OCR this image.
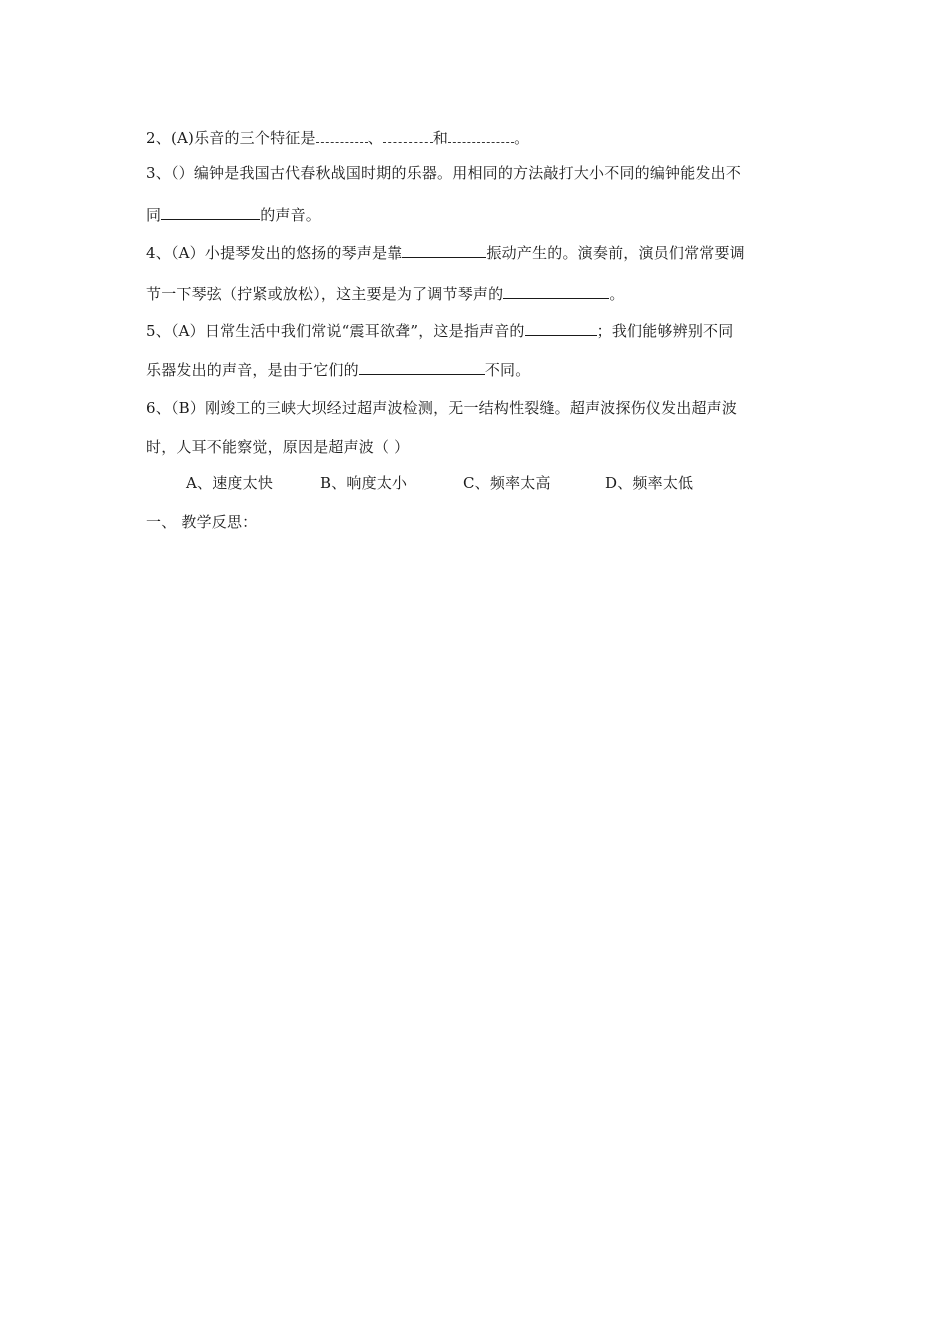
2、(A)乐音的三个特征是	、	和	。
3、（）编钟是我国古代春秋战国时期的乐器。用相同的方法敲打大小不同的编钟能发出不
同	的声音。
4、（A）小提琴发出的悠扬的琴声是靠	振动产生的。演奏前，演员们常常要调
节一下琴弦（拧紧或放松），这主要是为了调节琴声的	。
5、（A）日常生活中我们常说“震耳欲聋”，这是指声音的	；我们能够辨别不同
乐器发出的声音，是由于它们的	不同。
6、（B）刚竣工的三峡大坝经过超声波检测，无一结构性裂缝。超声波探伤仪发出超声波
时，人耳不能察觉，原因是超声波（ ）
A、速度太快	B、响度太小	C、频率太高	D、频率太低
一、 教学反思：
